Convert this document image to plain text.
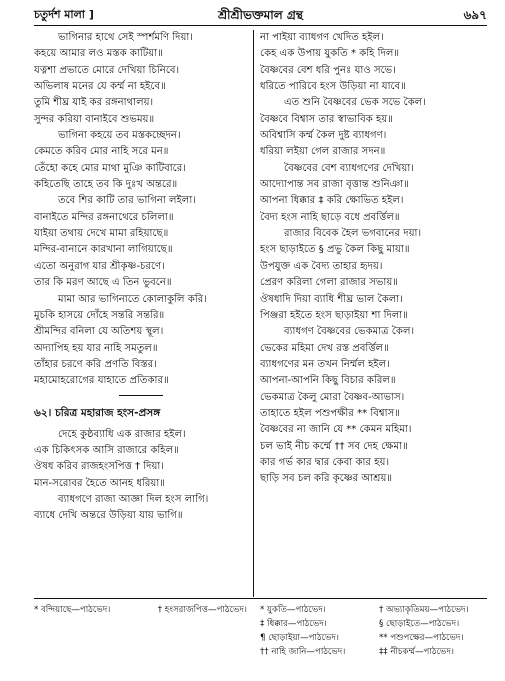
চতুর্দশ মালা ]	শ্রীশ্রীভক্তমাল গ্রন্থ	৬৯৭
ভাগিনার হাথে সেই স্পর্শমণি দিয়া।
কহয়ে আমার লও মস্তক কাটিয়া॥
যত্নশা প্রভাতে মোরে দেখিয়া চিনিবে।
অভিলাষ মনের যে কর্ম্ম না হইবে॥
তুমি শীঘ্র যাই কর রঙ্গনাথালয়।
সুন্দর করিয়া বানাইবে শুভময়॥
ভাগিনা কহয়ে তব মস্তকচ্ছেদন।
কেমতে করিব মোর নাহি সরে মন॥
তেঁহো কহে মোর মাথা মুঞি কাটিবারে।
কহিতেছি তাহে তব কি দুঃখ অন্তরে॥
তবে শির কাটি তার ভাগিনা লইলা।
বানাইতে মন্দির রঙ্গনাথেরে চলিলা॥
যাইয়া তথায় দেখে মামা রহিয়াছে॥
মন্দির-বানানে কারখানা লাগিয়াছে॥
এতো অনুরাগ যার শ্রীকৃষ্ণ-চরণে।
তার কি মরণ আছে এ তিন ভুবনে॥
মামা আর ভাগিনাতে কোলাকুলি করি।
মুচকি হাসয়ে দোঁহে সন্তরি সন্তরি॥
শ্রীমন্দির বনিলা যে অতিশয় স্থূল।
অদ্যাপিহ হয় যার নাহি সমতুল॥
তাঁহার চরণে করি প্রণতি বিস্তর।
মহামোহরোগের যাহাতে প্রতিকার॥
৬২। চরিত্র মহারাজ হংস-প্রসঙ্গ
দেহে কুষ্ঠব্যাধি এক রাজার হইল।
এক চিকিৎসক আসি রাজারে কহিল॥
ঔষধ করিব রাজহংসপিত্ত † দিয়া।
মান-সরোবর হৈতে আনহ ধরিয়া॥
ব্যাধগণে রাজা আজ্ঞা দিল হংস লাগি।
ব্যাধে দেখি অন্তরে উড়িয়া যায় ভাগি॥
না পাইয়া ব্যাধগণ খেদিত হইল।
কেহ এক উপায় যুকতি * কহি দিল॥
বৈষ্ণবের বেশ ধরি পুনঃ যাও সভে।
ধরিতে পারিবে হংস উড়িয়া না যাবে॥
এত শুনি বৈষ্ণবের ভেক সভে কৈল।
বৈষ্ণবে বিশ্বাস তার স্বাভাবিক হয়॥
অবিশ্বাসি কর্ম্ম কৈল দুষ্ট ব্যাধগণ।
ধরিয়া লইয়া গেল রাজার সদন॥
বৈষ্ণবের বেশ ব্যাধগণের দেখিয়া।
আদ্যোপান্ত সব রাজা বৃত্তান্ত শুনিঞা॥
আপনা ধিক্কার ‡ করি ক্ষোভিত হইল।
বৈদ্য হংস নাহি ছাড়ে বধে প্রবর্ত্তিল॥
রাজার বিবেক হৈল ভগবানের দয়া।
হংস ছাড়াইতে § প্রভু কৈল কিছু মায়া॥
উপযুক্ত এক বৈদ্য তাহার হৃদয়।
প্রেরণ করিলা গেলা রাজার সভায়॥
ঔষধাদি দিয়া ব্যাধি শীঘ্র ভাল কৈলা।
পিঞ্জরা হইতে হংস ছাড়াইয়া শা দিলা॥
ব্যাধগণ বৈষ্ণবের ভেকমাত্র কৈল।
ভেকের মহিমা দেখ রস্ত প্রবর্ত্তিল॥
ব্যাধগণের মন তখন নির্ম্মল হইল।
আপনা-আপনি কিছু বিচার করিল॥
ভেকমাত্র কৈলু মোরা বৈষ্ণব-আভাস।
তাহাতে হইল পশুপক্ষীর ** বিশ্বাস॥
বৈষ্ণবের না জানি যে ** কেমন মহিমা।
চল ভাই নীচ কর্ম্মে †† সব দেহ ক্ষেমা॥
কার গর্ভ কার দ্বার কেবা কার হয়।
ছাড়ি সব চল করি কৃষ্ণের আশ্রয়॥
* বন্দিয়াছে—পাঠভেদ।	† হংসরাজপিত্ত—পাঠভেদ। * যুকতি—পাঠভেদ।	† অভ্যাকৃতিময়—পাঠভেদ।
‡ ধিক্কার—পাঠভেদ।	§ ছোড়াইতে—পাঠভেদ।
¶ ছোড়াইয়া—পাঠভেদ।	** পশুপক্ষের—পাঠভেদ।
†† নাহি জানি—পাঠভেদ।	‡‡ নীচকর্ম্ম—পাঠভেদ।
